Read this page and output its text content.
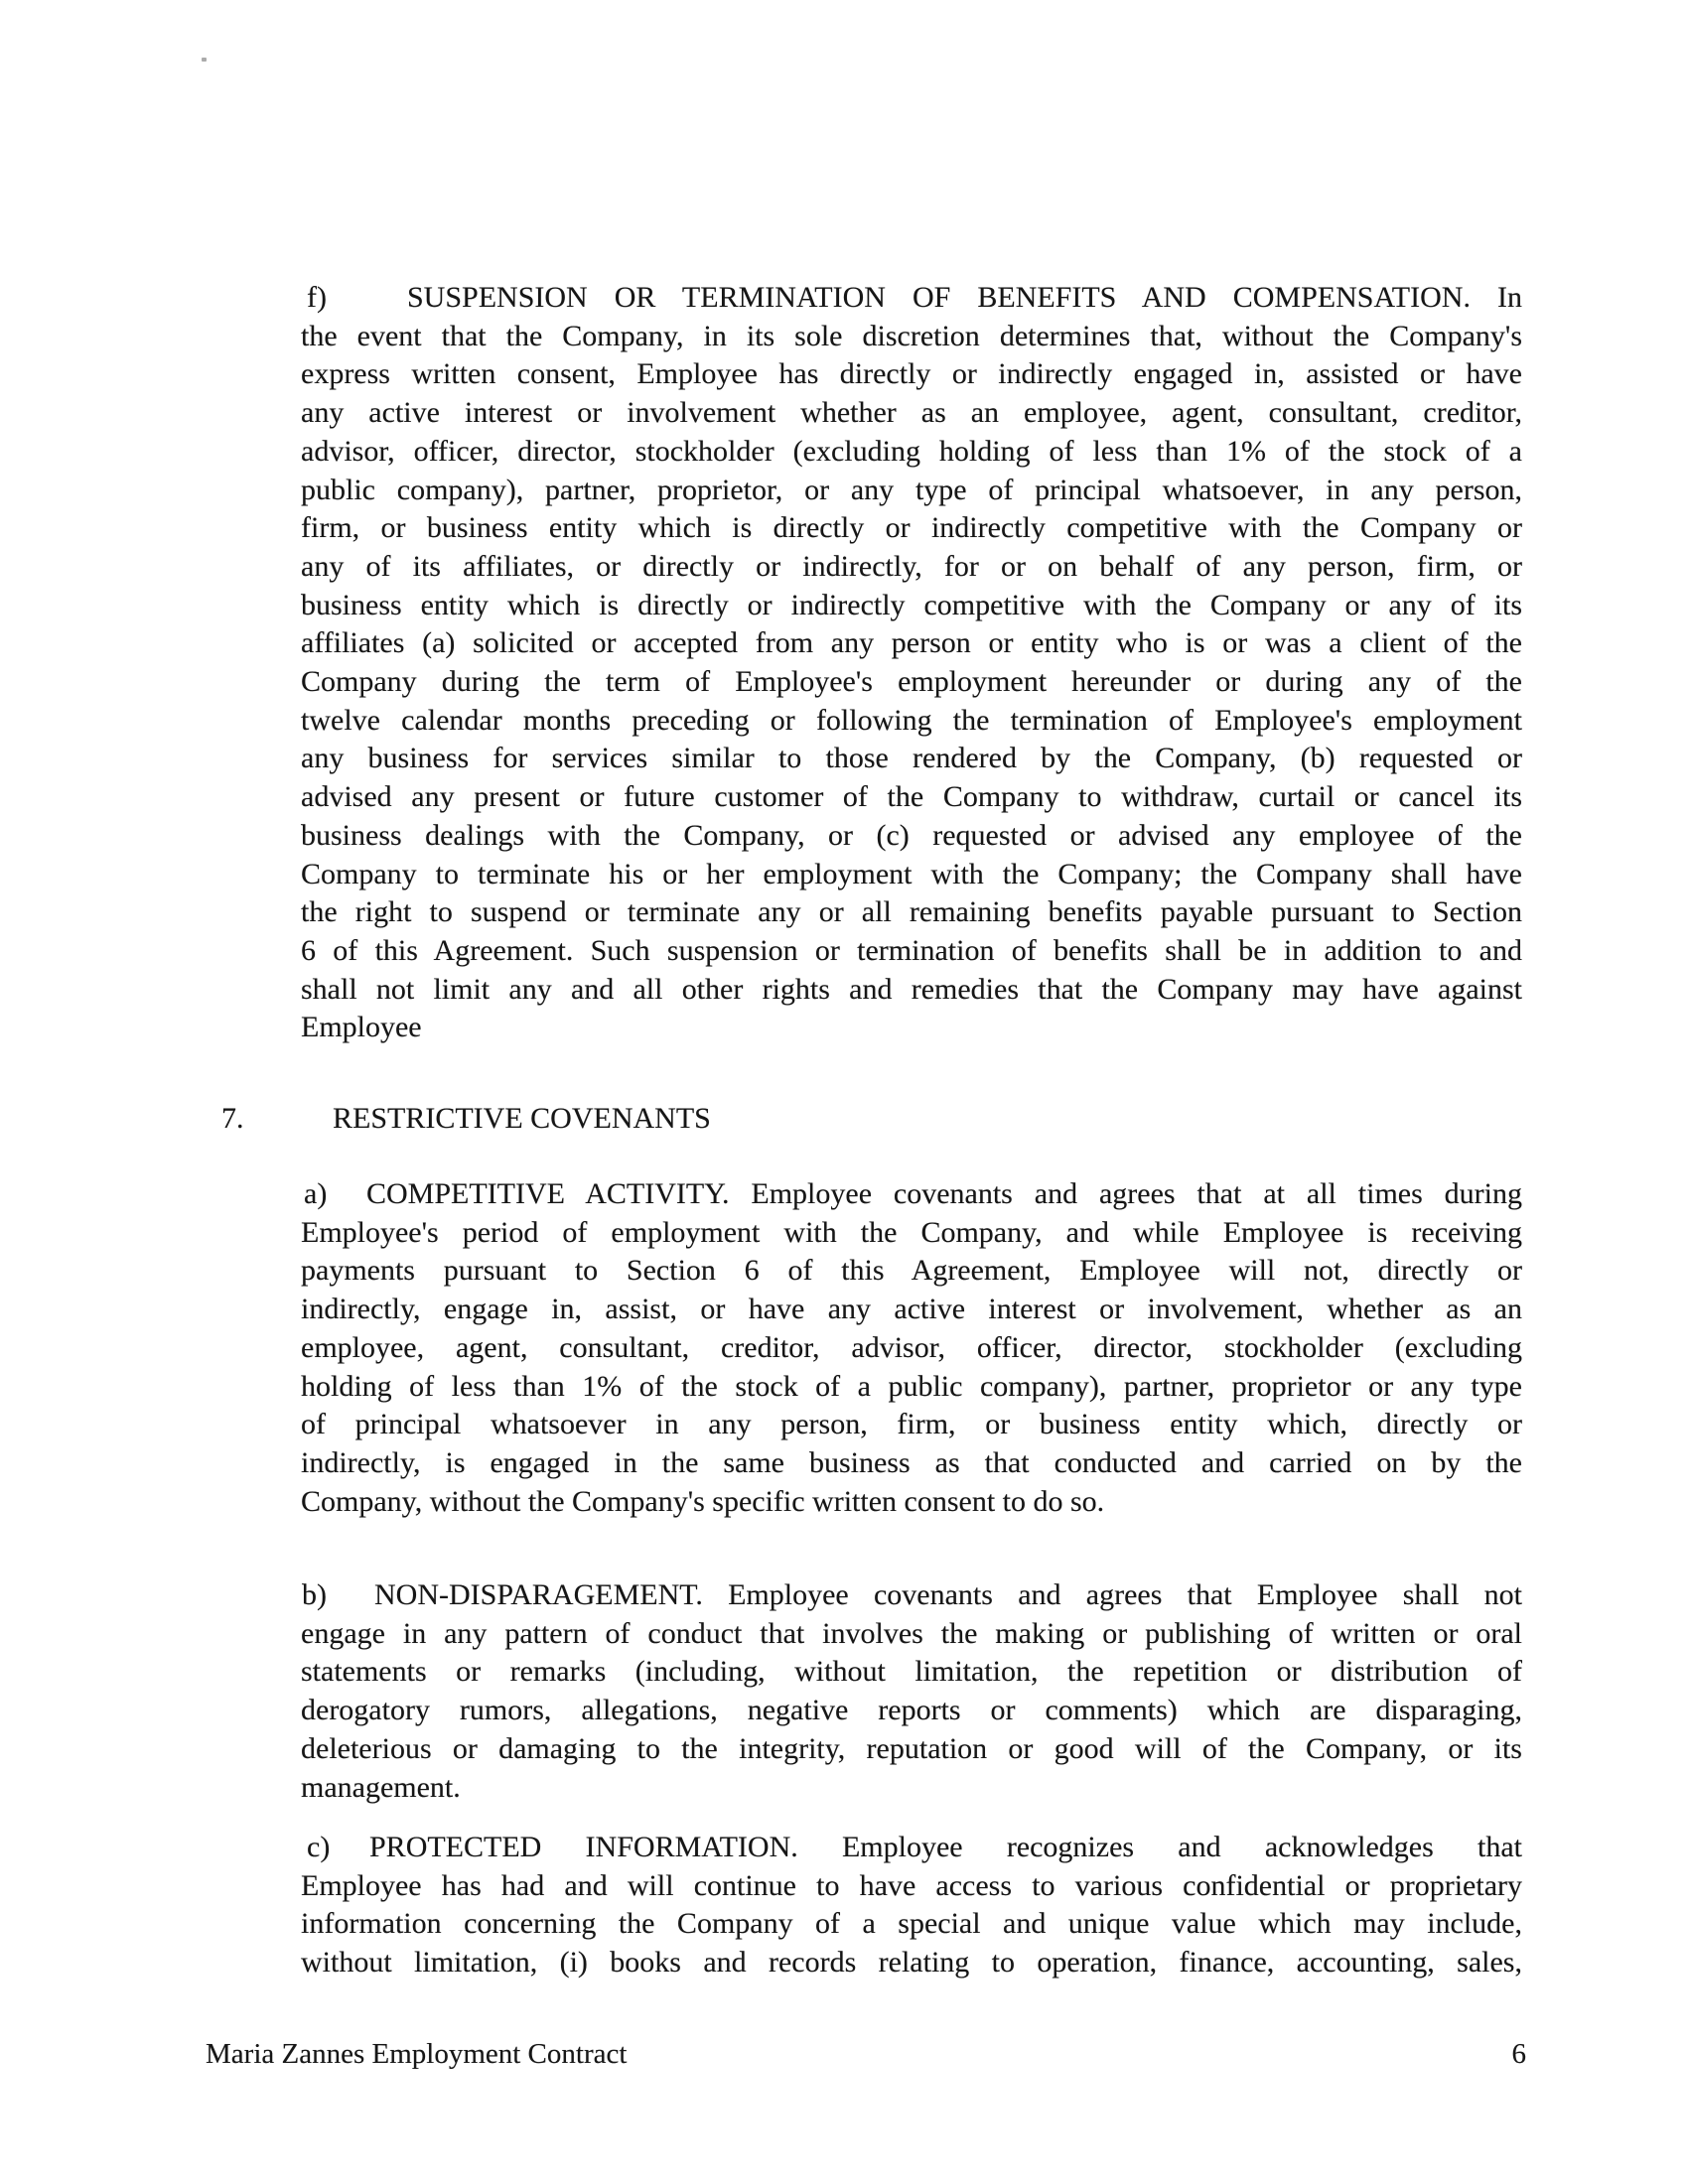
f)	SUSPENSION OR TERMINATION OF BENEFITS AND COMPENSATION. In
the event that the Company, in its sole discretion determines that, without the Company's
express written consent, Employee has directly or indirectly engaged in, assisted or have
any active interest or involvement whether as an employee, agent, consultant, creditor,
advisor, officer, director, stockholder (excluding holding of less than 1% of the stock of a
public company), partner, proprietor, or any type of principal whatsoever, in any person,
firm, or business entity which is directly or indirectly competitive with the Company or
any of its affiliates, or directly or indirectly, for or on behalf of any person, firm, or
business entity which is directly or indirectly competitive with the Company or any of its
affiliates (a) solicited or accepted from any person or entity who is or was a client of the
Company during the term of Employee's employment hereunder or during any of the
twelve calendar months preceding or following the termination of Employee's employment
any business for services similar to those rendered by the Company, (b) requested or
advised any present or future customer of the Company to withdraw, curtail or cancel its
business dealings with the Company, or (c) requested or advised any employee of the
Company to terminate his or her employment with the Company; the Company shall have
the right to suspend or terminate any or all remaining benefits payable pursuant to Section
6 of this Agreement. Such suspension or termination of benefits shall be in addition to and
shall not limit any and all other rights and remedies that the Company may have against
Employee
7.	RESTRICTIVE COVENANTS
a)	COMPETITIVE ACTIVITY. Employee covenants and agrees that at all times during
Employee's period of employment with the Company, and while Employee is receiving
payments pursuant to Section 6 of this Agreement, Employee will not, directly or
indirectly, engage in, assist, or have any active interest or involvement, whether as an
employee, agent, consultant, creditor, advisor, officer, director, stockholder (excluding
holding of less than 1% of the stock of a public company), partner, proprietor or any type
of principal whatsoever in any person, firm, or business entity which, directly or
indirectly, is engaged in the same business as that conducted and carried on by the
Company, without the Company's specific written consent to do so.
b)	NON-DISPARAGEMENT. Employee covenants and agrees that Employee shall not
engage in any pattern of conduct that involves the making or publishing of written or oral
statements or remarks (including, without limitation, the repetition or distribution of
derogatory rumors, allegations, negative reports or comments) which are disparaging,
deleterious or damaging to the integrity, reputation or good will of the Company, or its
management.
c)	PROTECTED INFORMATION. Employee recognizes and acknowledges that
Employee has had and will continue to have access to various confidential or proprietary
information concerning the Company of a special and unique value which may include,
without limitation, (i) books and records relating to operation, finance, accounting, sales,
Maria Zannes Employment Contract	6
